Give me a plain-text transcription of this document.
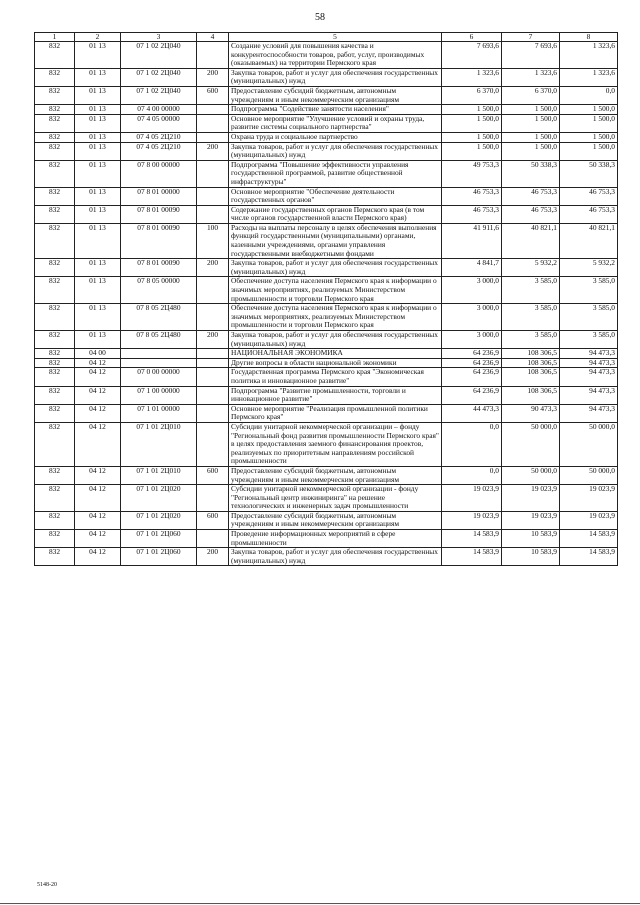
58
1	2	3	4	5	6	7	8
832	01 13	07 1 02 2Ц040		Создание условий для повышения качества и конкурентоспособности товаров, работ, услуг, производимых (оказываемых) на территории Пермского края	7 693,6	7 693,6	1 323,6
832	01 13	07 1 02 2Ц040	200	Закупка товаров, работ и услуг для обеспечения государственных (муниципальных) нужд	1 323,6	1 323,6	1 323,6
832	01 13	07 1 02 2Ц040	600	Предоставление субсидий бюджетным, автономным учреждениям и иным некоммерческим организациям	6 370,0	6 370,0	0,0
832	01 13	07 4 00 00000		Подпрограмма "Содействие занятости населения"	1 500,0	1 500,0	1 500,0
832	01 13	07 4 05 00000		Основное мероприятие "Улучшение условий и охраны труда, развитие системы социального партнерства"	1 500,0	1 500,0	1 500,0
832	01 13	07 4 05 2Ц210		Охрана труда и социальное партнерство	1 500,0	1 500,0	1 500,0
832	01 13	07 4 05 2Ц210	200	Закупка товаров, работ и услуг для обеспечения государственных (муниципальных) нужд	1 500,0	1 500,0	1 500,0
832	01 13	07 8 00 00000		Подпрограмма "Повышение эффективности управления государственной программой, развитие общественной инфраструктуры"	49 753,3	50 338,3	50 338,3
832	01 13	07 8 01 00000		Основное мероприятие "Обеспечение деятельности государственных органов"	46 753,3	46 753,3	46 753,3
832	01 13	07 8 01 00090		Содержание государственных органов Пермского края (в том числе органов государственной власти Пермского края)	46 753,3	46 753,3	46 753,3
832	01 13	07 8 01 00090	100	Расходы на выплаты персоналу в целях обеспечения выполнения функций государственными (муниципальными) органами, казенными учреждениями, органами управления государственными внебюджетными фондами	41 911,6	40 821,1	40 821,1
832	01 13	07 8 01 00090	200	Закупка товаров, работ и услуг для обеспечения государственных (муниципальных) нужд	4 841,7	5 932,2	5 932,2
832	01 13	07 8 05 00000		Обеспечение доступа населения Пермского края к информации о значимых мероприятиях, реализуемых Министерством промышленности и торговли Пермского края	3 000,0	3 585,0	3 585,0
832	01 13	07 8 05 2Ц480		Обеспечение доступа населения Пермского края к информации о значимых мероприятиях, реализуемых Министерством промышленности и торговли Пермского края	3 000,0	3 585,0	3 585,0
832	01 13	07 8 05 2Ц480	200	Закупка товаров, работ и услуг для обеспечения государственных (муниципальных) нужд	3 000,0	3 585,0	3 585,0
832	04 00			НАЦИОНАЛЬНАЯ ЭКОНОМИКА	64 236,9	108 306,5	94 473,3
832	04 12			Другие вопросы в области национальной экономики	64 236,9	108 306,5	94 473,3
832	04 12	07 0 00 00000		Государственная программа Пермского края "Экономическая политика и инновационное развитие"	64 236,9	108 306,5	94 473,3
832	04 12	07 1 00 00000		Подпрограмма "Развитие промышленности, торговли и инновационное развитие"	64 236,9	108 306,5	94 473,3
832	04 12	07 1 01 00000		Основное мероприятие "Реализация промышленной политики Пермского края"	44 473,3	90 473,3	94 473,3
832	04 12	07 1 01 2Ц010		Субсидии унитарной некоммерческой организации – фонду "Региональный фонд развития промышленности Пермского края" в целях предоставления заемного финансирования проектов, реализуемых по приоритетным направлениям российской промышленности	0,0	50 000,0	50 000,0
832	04 12	07 1 01 2Ц010	600	Предоставление субсидий бюджетным, автономным учреждениям и иным некоммерческим организациям	0,0	50 000,0	50 000,0
832	04 12	07 1 01 2Ц020		Субсидии унитарной некоммерческой организации - фонду "Региональный центр инжиниринга" на решение технологических и инженерных задач промышленности	19 023,9	19 023,9	19 023,9
832	04 12	07 1 01 2Ц020	600	Предоставление субсидий бюджетным, автономным учреждениям и иным некоммерческим организациям	19 023,9	19 023,9	19 023,9
832	04 12	07 1 01 2Ц060		Проведение информационных мероприятий в сфере промышленности	14 583,9	10 583,9	14 583,9
832	04 12	07 1 01 2Ц060	200	Закупка товаров, работ и услуг для обеспечения государственных (муниципальных) нужд	14 583,9	10 583,9	14 583,9
5148-20
